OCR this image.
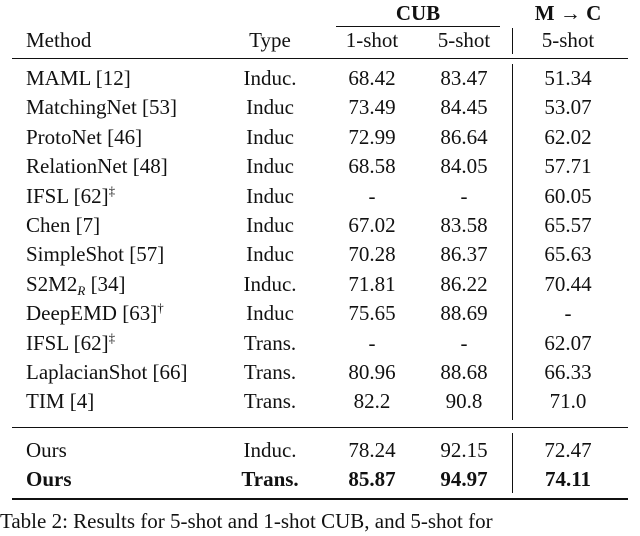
CUB	M → C
Method	Type	1-shot	5-shot	5-shot
MAML [12]	Induc.	68.42	83.47	51.34
MatchingNet [53]	Induc	73.49	84.45	53.07
ProtoNet [46]	Induc	72.99	86.64	62.02
RelationNet [48]	Induc	68.58	84.05	57.71
IFSL [62]‡	Induc	-	-	60.05
Chen [7]	Induc	67.02	83.58	65.57
SimpleShot [57]	Induc	70.28	86.37	65.63
$S2M2_R$ [34]	Induc.	71.81	86.22	70.44
DeepEMD [63]†	Induc	75.65	88.69	-
IFSL [62]‡	Trans.	-	-	62.07
LaplacianShot [66]	Trans.	80.96	88.68	66.33
TIM [4]	Trans.	82.2	90.8	71.0
Ours	Induc.	78.24	92.15	72.47
Ours	Trans.	85.87	94.97	74.11
Table 2: Results for 5-shot and 1-shot CUB, and 5-shot for
